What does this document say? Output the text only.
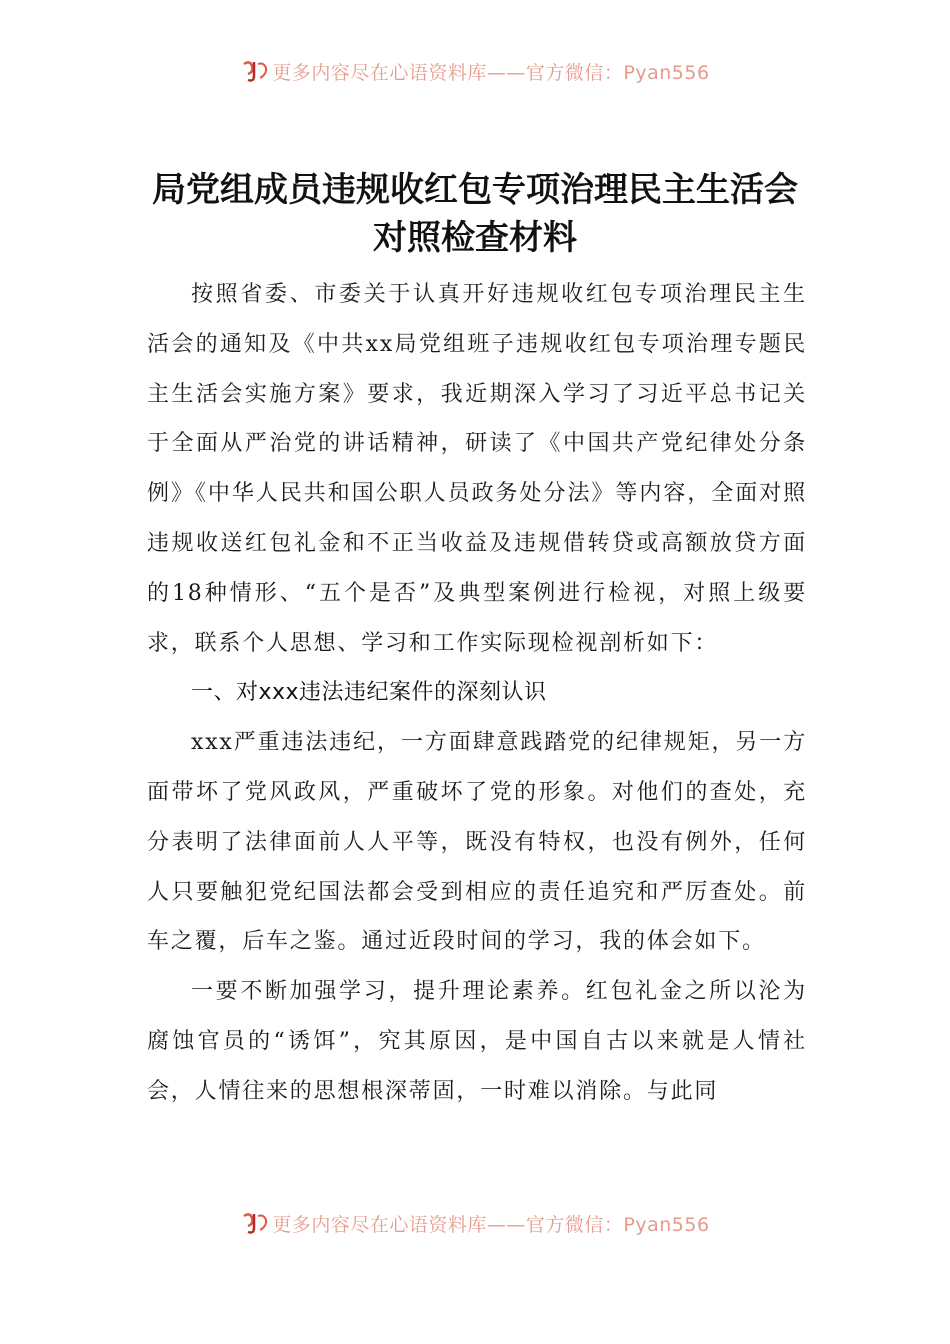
更多内容尽在心语资料库——官方微信：Pyan556
局党组成员违规收红包专项治理民主生活会对照检查材料

按照省委、市委关于认真开好违规收红包专项治理民主生活会的通知及《中共xx局党组班子违规收红包专项治理专题民主生活会实施方案》要求，我近期深入学习了习近平总书记关于全面从严治党的讲话精神，研读了《中国共产党纪律处分条例》《中华人民共和国公职人员政务处分法》等内容，全面对照违规收送红包礼金和不正当收益及违规借转贷或高额放贷方面的18种情形、“五个是否”及典型案例进行检视，对照上级要求，联系个人思想、学习和工作实际现检视剖析如下：

一、对xxx违法违纪案件的深刻认识

xxx严重违法违纪，一方面肆意践踏党的纪律规矩，另一方面带坏了党风政风，严重破坏了党的形象。对他们的查处，充分表明了法律面前人人平等，既没有特权，也没有例外，任何人只要触犯党纪国法都会受到相应的责任追究和严厉查处。前车之覆，后车之鉴。通过近段时间的学习，我的体会如下。

一要不断加强学习，提升理论素养。红包礼金之所以沦为腐蚀官员的“诱饵”，究其原因，是中国自古以来就是人情社会，人情往来的思想根深蒂固，一时难以消除。与此同

更多内容尽在心语资料库——官方微信：Pyan556
